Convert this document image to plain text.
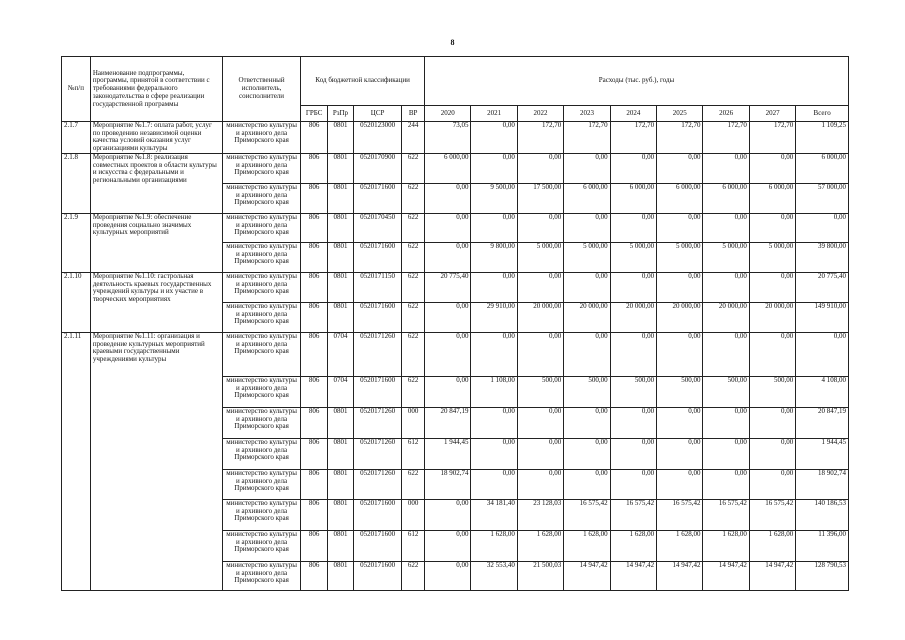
8
№п/п	Наименование подпрограммы, программы, принятой в соответствии с требованиями федерального законодательства в сфере реализации государственной программы	Ответственный исполнитель, соисполнители	Код бюджетной классификации				Расходы (тыс. руб.), годы								
			ГРБС	РзПр	ЦСР	ВР	2020	2021	2022	2023	2024	2025	2026	2027	Всего
2.1.7	Мероприятие №1.7: оплата работ, услуг по проведению независимой оценки качества условий оказания услуг организациями культуры	министерство культуры и архивного дела Приморского края	806	0801	0520123000	244	73,05	0,00	172,70	172,70	172,70	172,70	172,70	172,70	1 109,25
2.1.8	Мероприятие №1.8: реализация совместных проектов в области культуры и искусства с федеральными и региональными организациями	министерство культуры и архивного дела Приморского края	806	0801	0520170900	622	6 000,00	0,00	0,00	0,00	0,00	0,00	0,00	0,00	6 000,00
		министерство культуры и архивного дела Приморского края	806	0801	0520171600	622	0,00	9 500,00	17 500,00	6 000,00	6 000,00	6 000,00	6 000,00	6 000,00	57 000,00
2.1.9	Мероприятие №1.9: обеспечение проведения социально значимых культурных мероприятий	министерство культуры и архивного дела Приморского края	806	0801	0520170450	622	0,00	0,00	0,00	0,00	0,00	0,00	0,00	0,00	0,00
		министерство культуры и архивного дела Приморского края	806	0801	0520171600	622	0,00	9 800,00	5 000,00	5 000,00	5 000,00	5 000,00	5 000,00	5 000,00	39 800,00
2.1.10	Мероприятие №1.10: гастрольная деятельность краевых государственных учреждений культуры и их участие в творческих мероприятиях	министерство культуры и архивного дела Приморского края	806	0801	0520171150	622	20 775,40	0,00	0,00	0,00	0,00	0,00	0,00	0,00	20 775,40
		министерство культуры и архивного дела Приморского края	806	0801	0520171600	622	0,00	29 910,00	20 000,00	20 000,00	20 000,00	20 000,00	20 000,00	20 000,00	149 910,00
2.1.11	Мероприятие №1.11: организация и проведение культурных мероприятий краевыми государственными учреждениями культуры	министерство культуры и архивного дела Приморского края	806	0704	0520171260	622	0,00	0,00	0,00	0,00	0,00	0,00	0,00	0,00	0,00
		министерство культуры и архивного дела Приморского края	806	0704	0520171600	622	0,00	1 108,00	500,00	500,00	500,00	500,00	500,00	500,00	4 108,00
		министерство культуры и архивного дела Приморского края	806	0801	0520171260	000	20 847,19	0,00	0,00	0,00	0,00	0,00	0,00	0,00	20 847,19
		министерство культуры и архивного дела Приморского края	806	0801	0520171260	612	1 944,45	0,00	0,00	0,00	0,00	0,00	0,00	0,00	1 944,45
		министерство культуры и архивного дела Приморского края	806	0801	0520171260	622	18 902,74	0,00	0,00	0,00	0,00	0,00	0,00	0,00	18 902,74
		министерство культуры и архивного дела Приморского края	806	0801	0520171600	000	0,00	34 181,40	23 128,03	16 575,42	16 575,42	16 575,42	16 575,42	16 575,42	140 186,53
		министерство культуры и архивного дела Приморского края	806	0801	0520171600	612	0,00	1 628,00	1 628,00	1 628,00	1 628,00	1 628,00	1 628,00	1 628,00	11 396,00
		министерство культуры и архивного дела Приморского края	806	0801	0520171600	622	0,00	32 553,40	21 500,03	14 947,42	14 947,42	14 947,42	14 947,42	14 947,42	128 790,53
